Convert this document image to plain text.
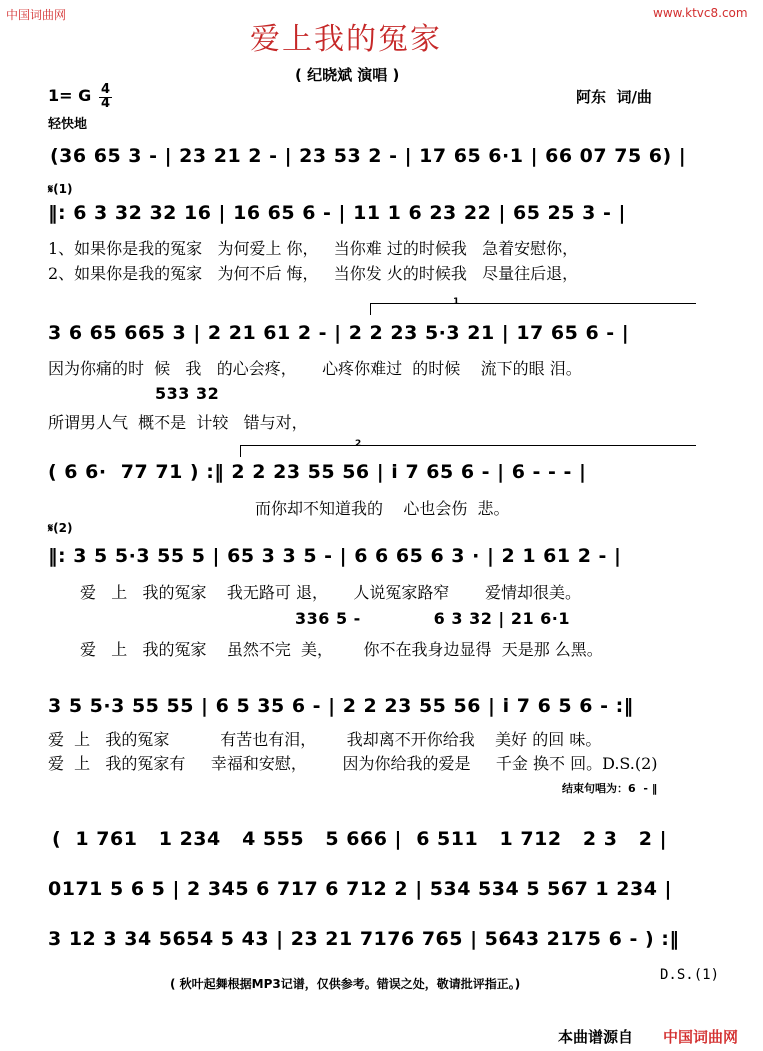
中国词曲网	www.ktvc8.com
爱上我的冤家
( 纪晓斌 演唱 )
1= G 4
4	阿东  词/曲
轻快地
(36 65 3 - | 23 21 2 - | 23 53 2 - | 17 65 6·1 | 66 07 75 6) |
𝄋(1)
‖: 6 3 32 32 16 | 16 65 6 - | 11 1 6 23 22 | 65 25 3 - |
1、如果你是我的冤家   为何爱上 你，   当你难 过的时候我   急着安慰你，
2、如果你是我的冤家   为何不后 悔，   当你发 火的时候我   尽量往后退，
1
3 6 65 665 3 | 2 21 61 2 - | 2 2 23 5·3 21 | 17 65 6 - |
因为你痛的时  候   我   的心会疼，     心疼你难过  的时候    流下的眼 泪。
533 32
所谓男人气  概不是  计较   错与对，
2
( 6 6·  77 71 ) :‖ 2 2 23 55 56 | i 7 65 6 - | 6 - - - |
而你却不知道我的    心也会伤  悲。
𝄋(2)
‖: 3 5 5·3 55 5 | 65 3 3 5 - | 6 6 65 6 3 · | 2 1 61 2 - |
爱   上   我的冤家    我无路可 退，     人说冤家路窄       爱情却很美。
336 5 -            6 3 32 | 21 6·1
爱   上   我的冤家    虽然不完  美，      你不在我身边显得  天是那 么黑。
3 5 5·3 55 55 | 6 5 35 6 - | 2 2 23 55 56 | i 7 6 5 6 - :‖
爱  上   我的冤家          有苦也有泪，      我却离不开你给我    美好 的回 味。
爱  上   我的冤家有     幸福和安慰，       因为你给我的爱是     千金 换不 回。D.S.(2)
结束句唱为：6  - ‖
(  1 761   1 234   4 555   5 666 |  6 511   1 712   2 3   2 |
0171 5 6 5 | 2 345 6 717 6 712 2 | 534 534 5 567 1 234 |
3 12 3 34 5654 5 43 | 23 21 7176 765 | 5643 2175 6 - ) :‖
( 秋叶起舞根据MP3记谱，仅供参考。错误之处，敬请批评指正。)
D.S.(1)
本曲谱源自 中国词曲网
